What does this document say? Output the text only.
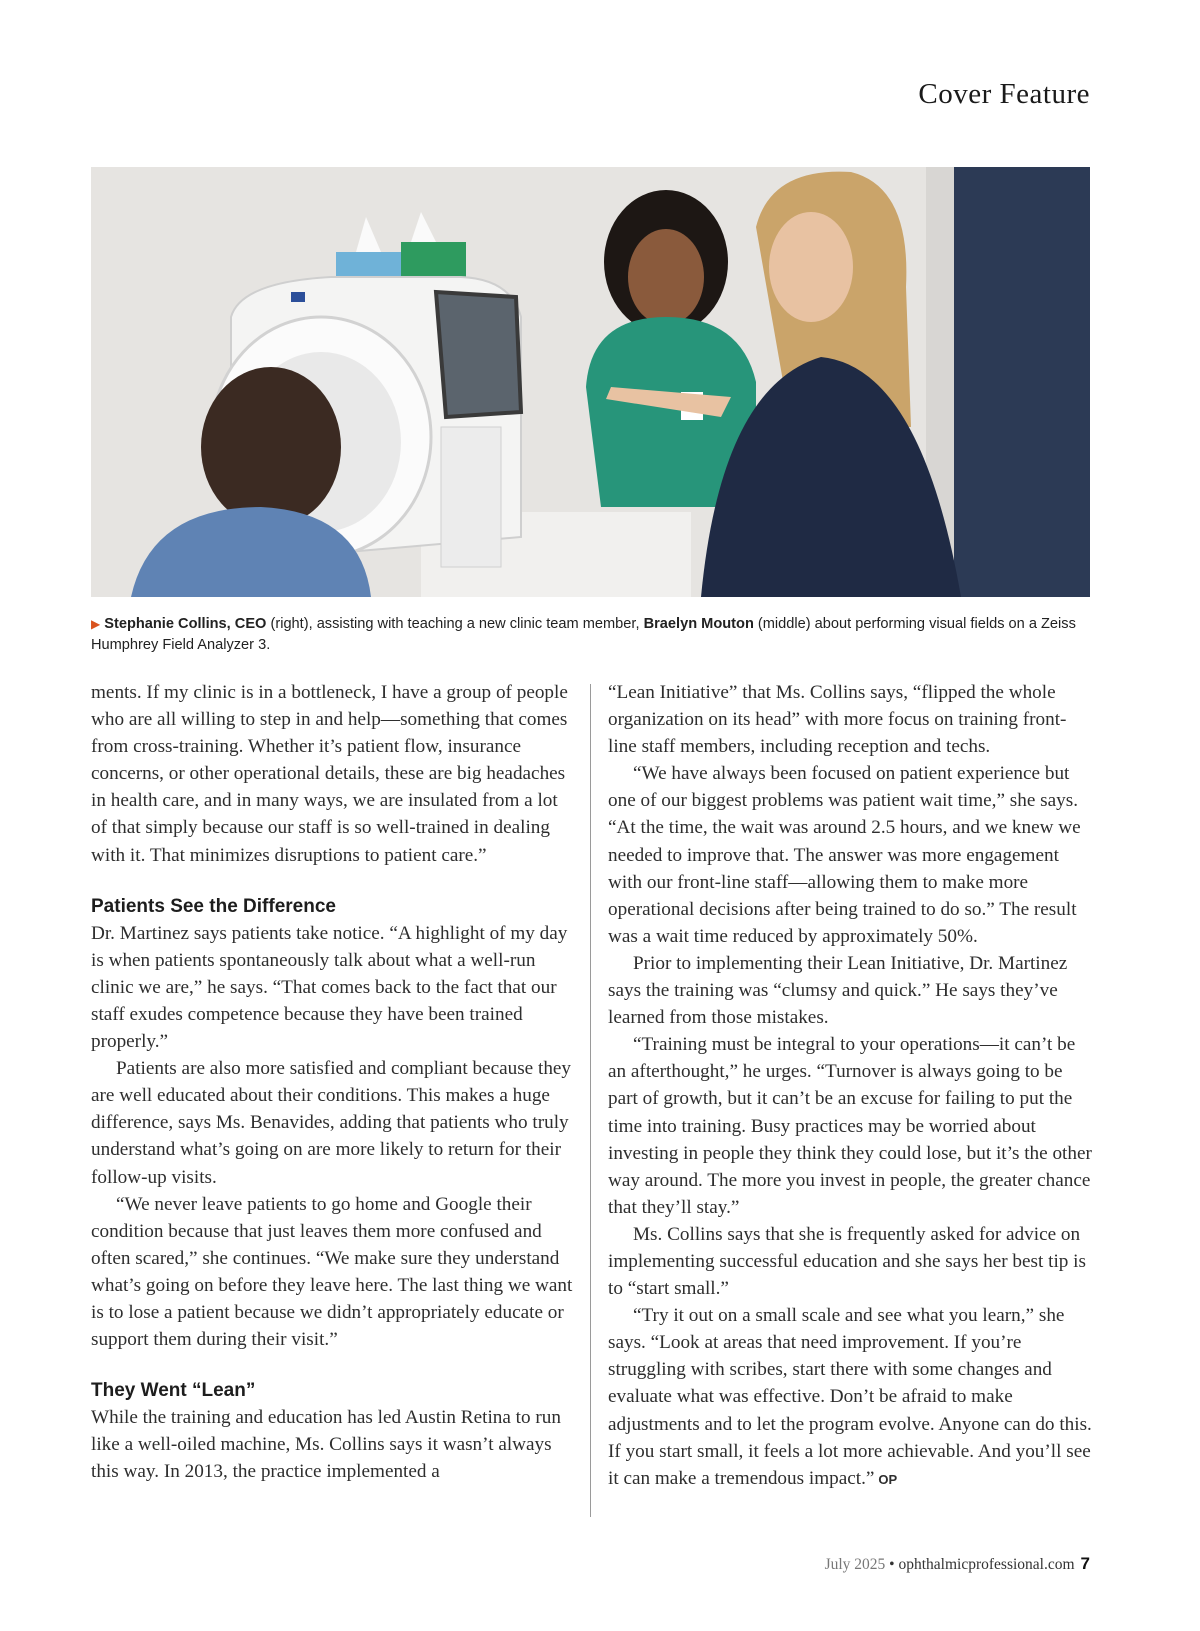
Cover Feature
▶ Stephanie Collins, CEO (right), assisting with teaching a new clinic team member, Braelyn Mouton (middle) about performing visual fields on a Zeiss Humphrey Field Analyzer 3.

ments. If my clinic is in a bottleneck, I have a group of people who are all willing to step in and help—something that comes from cross-training. Whether it’s patient flow, insurance concerns, or other operational details, these are big headaches in health care, and in many ways, we are insulated from a lot of that simply because our staff is so well-trained in dealing with it. That minimizes disruptions to patient care.”

Patients See the Difference

Dr. Martinez says patients take notice. “A highlight of my day is when patients spontaneously talk about what a well-run clinic we are,” he says. “That comes back to the fact that our staff exudes competence because they have been trained properly.”

Patients are also more satisfied and compliant because they are well educated about their conditions. This makes a huge difference, says Ms. Benavides, adding that patients who truly understand what’s going on are more likely to return for their follow-up visits.

“We never leave patients to go home and Google their condition because that just leaves them more confused and often scared,” she continues. “We make sure they understand what’s going on before they leave here. The last thing we want is to lose a patient because we didn’t appropriately educate or support them during their visit.”

They Went “Lean”

While the training and education has led Austin Retina to run like a well-oiled machine, Ms. Collins says it wasn’t always this way. In 2013, the practice implemented a

“Lean Initiative” that Ms. Collins says, “flipped the whole organization on its head” with more focus on training front-line staff members, including reception and techs.

“We have always been focused on patient experience but one of our biggest problems was patient wait time,” she says. “At the time, the wait was around 2.5 hours, and we knew we needed to improve that. The answer was more engagement with our front-line staff—allowing them to make more operational decisions after being trained to do so.” The result was a wait time reduced by approximately 50%.

Prior to implementing their Lean Initiative, Dr. Martinez says the training was “clumsy and quick.” He says they’ve learned from those mistakes.

“Training must be integral to your operations—it can’t be an afterthought,” he urges. “Turnover is always going to be part of growth, but it can’t be an excuse for failing to put the time into training. Busy practices may be worried about investing in people they think they could lose, but it’s the other way around. The more you invest in people, the greater chance that they’ll stay.”

Ms. Collins says that she is frequently asked for advice on implementing successful education and she says her best tip is to “start small.”

“Try it out on a small scale and see what you learn,” she says. “Look at areas that need improvement. If you’re struggling with scribes, start there with some changes and evaluate what was effective. Don’t be afraid to make adjustments and to let the program evolve. Anyone can do this. If you start small, it feels a lot more achievable. And you’ll see it can make a tremendous impact.” OP

July 2025 • ophthalmicprofessional.com 7
